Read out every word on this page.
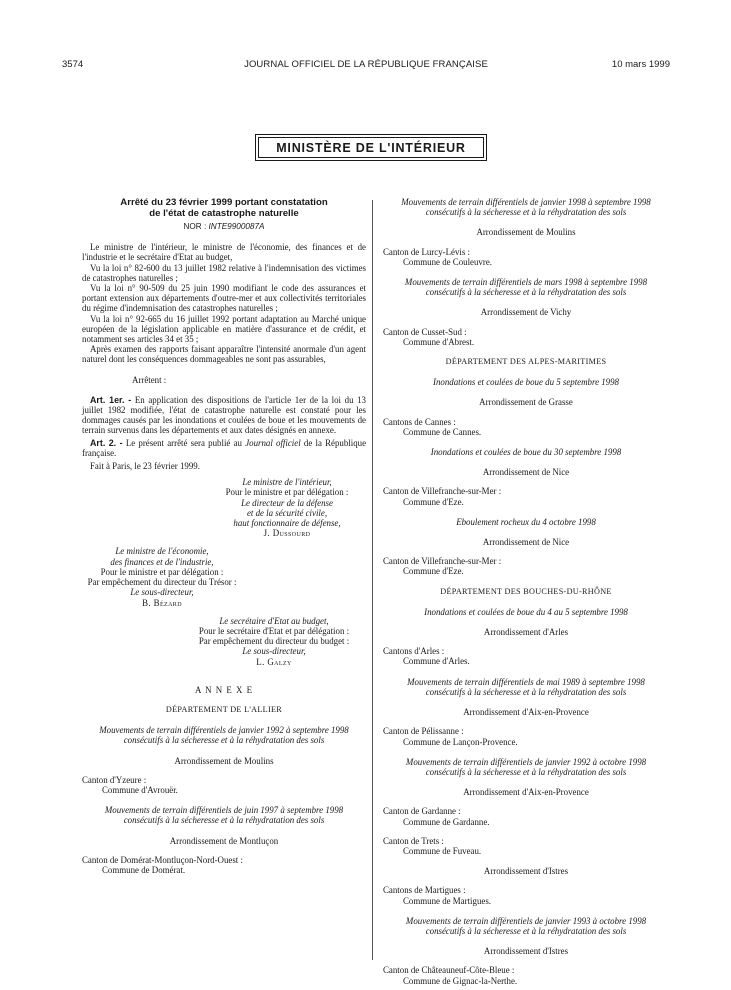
3574	JOURNAL OFFICIEL DE LA RÉPUBLIQUE FRANÇAISE	10 mars 1999
MINISTÈRE DE L'INTÉRIEUR
Arrêté du 23 février 1999 portant constatation
de l'état de catastrophe naturelle
NOR : INTE9900087A

Le ministre de l'intérieur, le ministre de l'économie, des finances et de l'industrie et le secrétaire d'Etat au budget,

Vu la loi n° 82-600 du 13 juillet 1982 relative à l'indemnisation des victimes de catastrophes naturelles ;

Vu la loi n° 90-509 du 25 juin 1990 modifiant le code des assurances et portant extension aux départements d'outre-mer et aux collectivités territoriales du régime d'indemnisation des catastrophes naturelles ;

Vu la loi n° 92-665 du 16 juillet 1992 portant adaptation au Marché unique européen de la législation applicable en matière d'assurance et de crédit, et notamment ses articles 34 et 35 ;

Après examen des rapports faisant apparaître l'intensité anormale d'un agent naturel dont les conséquences dommageables ne sont pas assurables,

Arrêtent :

Art. 1er. - En application des dispositions de l'article 1er de la loi du 13 juillet 1982 modifiée, l'état de catastrophe naturelle est constaté pour les dommages causés par les inondations et coulées de boue et les mouvements de terrain survenus dans les départements et aux dates désignés en annexe.

Art. 2. - Le présent arrêté sera publié au Journal officiel de la République française.

Fait à Paris, le 23 février 1999.

Le ministre de l'intérieur,
Pour le ministre et par délégation :
Le directeur de la défense
et de la sécurité civile,
haut fonctionnaire de défense,
J. Dussourd
Le ministre de l'économie,
des finances et de l'industrie,
Pour le ministre et par délégation :
Par empêchement du directeur du Trésor :
Le sous-directeur,
B. Bézard
Le secrétaire d'Etat au budget,
Pour le secrétaire d'Etat et par délégation :
Par empêchement du directeur du budget :
Le sous-directeur,
L. Galzy

A N N E X E

DÉPARTEMENT DE L'ALLIER

Mouvements de terrain différentiels de janvier 1992 à septembre 1998 consécutifs à la sécheresse et à la réhydratation des sols

Arrondissement de Moulins

Canton d'Yzeure :

Commune d'Avrouër.

Mouvements de terrain différentiels de juin 1997 à septembre 1998 consécutifs à la sécheresse et à la réhydratation des sols

Arrondissement de Montluçon

Canton de Domérat-Montluçon-Nord-Ouest :

Commune de Domérat.

Mouvements de terrain différentiels de janvier 1998 à septembre 1998 consécutifs à la sécheresse et à la réhydratation des sols

Arrondissement de Moulins

Canton de Lurcy-Lévis :

Commune de Couleuvre.

Mouvements de terrain différentiels de mars 1998 à septembre 1998 consécutifs à la sécheresse et à la réhydratation des sols

Arrondissement de Vichy

Canton de Cusset-Sud :

Commune d'Abrest.

DÉPARTEMENT DES ALPES-MARITIMES

Inondations et coulées de boue du 5 septembre 1998

Arrondissement de Grasse

Cantons de Cannes :

Commune de Cannes.

Inondations et coulées de boue du 30 septembre 1998

Arrondissement de Nice

Canton de Villefranche-sur-Mer :

Commune d'Eze.

Eboulement rocheux du 4 octobre 1998

Arrondissement de Nice

Canton de Villefranche-sur-Mer :

Commune d'Eze.

DÉPARTEMENT DES BOUCHES-DU-RHÔNE

Inondations et coulées de boue du 4 au 5 septembre 1998

Arrondissement d'Arles

Cantons d'Arles :

Commune d'Arles.

Mouvements de terrain différentiels de mai 1989 à septembre 1998 consécutifs à la sécheresse et à la réhydratation des sols

Arrondissement d'Aix-en-Provence

Canton de Pélissanne :

Commune de Lançon-Provence.

Mouvements de terrain différentiels de janvier 1992 à octobre 1998 consécutifs à la sécheresse et à la réhydratation des sols

Arrondissement d'Aix-en-Provence

Canton de Gardanne :

Commune de Gardanne.

Canton de Trets :

Commune de Fuveau.

Arrondissement d'Istres

Cantons de Martigues :

Commune de Martigues.

Mouvements de terrain différentiels de janvier 1993 à octobre 1998 consécutifs à la sécheresse et à la réhydratation des sols

Arrondissement d'Istres

Canton de Châteauneuf-Côte-Bleue :

Commune de Gignac-la-Nerthe.
